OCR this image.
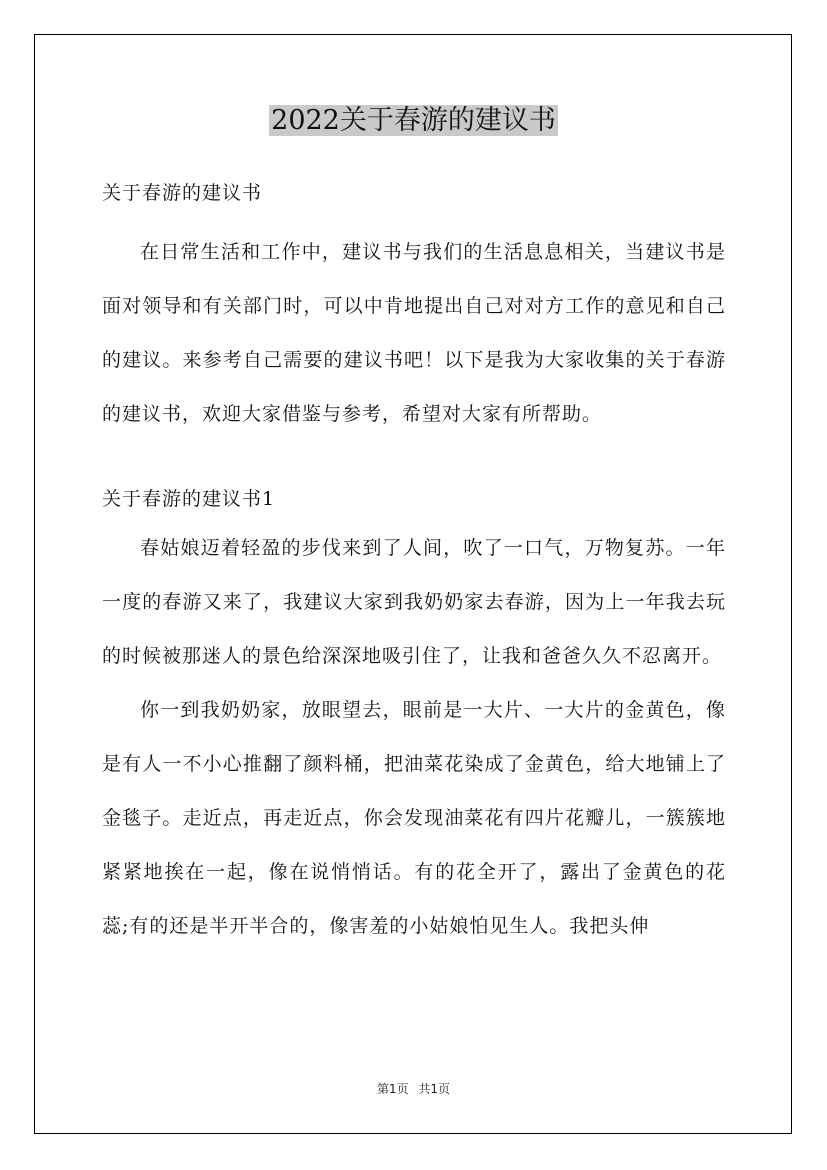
2022关于春游的建议书

关于春游的建议书

在日常生活和工作中，建议书与我们的生活息息相关，当建议书是面对领导和有关部门时，可以中肯地提出自己对对方工作的意见和自己的建议。来参考自己需要的建议书吧！以下是我为大家收集的关于春游的建议书，欢迎大家借鉴与参考，希望对大家有所帮助。

关于春游的建议书1

春姑娘迈着轻盈的步伐来到了人间，吹了一口气，万物复苏。一年一度的春游又来了，我建议大家到我奶奶家去春游，因为上一年我去玩的时候被那迷人的景色给深深地吸引住了，让我和爸爸久久不忍离开。

你一到我奶奶家，放眼望去，眼前是一大片、一大片的金黄色，像是有人一不小心推翻了颜料桶，把油菜花染成了金黄色，给大地铺上了金毯子。走近点，再走近点，你会发现油菜花有四片花瓣儿，一簇簇地紧紧地挨在一起，像在说悄悄话。有的花全开了，露出了金黄色的花蕊;有的还是半开半合的，像害羞的小姑娘怕见生人。我把头伸

第1页 共1页
